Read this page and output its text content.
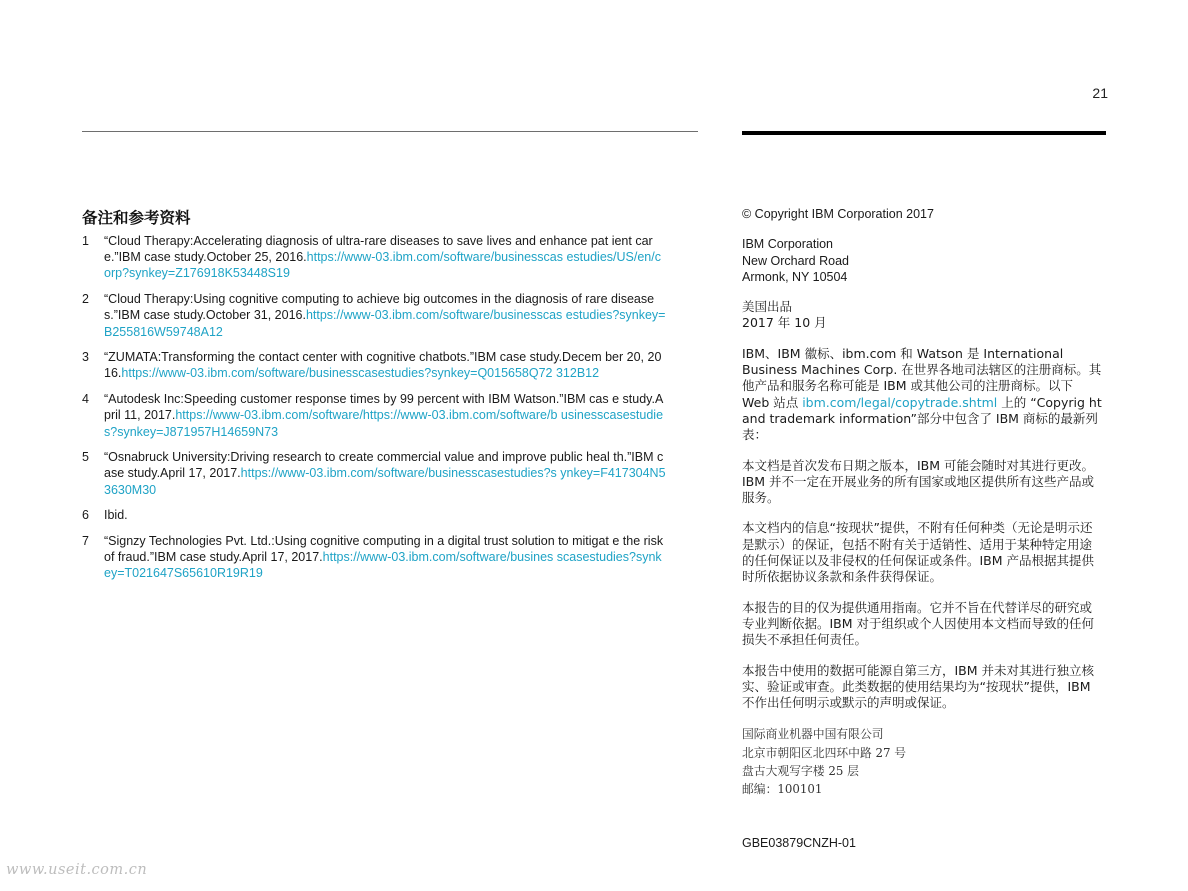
21
备注和参考资料
1	“Cloud Therapy:Accelerating diagnosis of ultra-rare diseases to save lives and enhance pat ient care.”IBM case study.October 25, 2016.https://www-03.ibm.com/software/businesscas estudies/US/en/corp?synkey=Z176918K53448S19
2	“Cloud Therapy:Using cognitive computing to achieve big outcomes in the diagnosis of rare diseases.”IBM case study.October 31, 2016.https://www-03.ibm.com/software/businesscas estudies?synkey=B255816W59748A12
3	“ZUMATA:Transforming the contact center with cognitive chatbots.”IBM case study.Decem ber 20, 2016.https://www-03.ibm.com/software/businesscasestudies?synkey=Q015658Q72 312B12
4	“Autodesk Inc:Speeding customer response times by 99 percent with IBM Watson.”IBM cas e study.April 11, 2017.https://www-03.ibm.com/software/https://www-03.ibm.com/software/b usinesscasestudies?synkey=J871957H14659N73
5	“Osnabruck University:Driving research to create commercial value and improve public heal th.”IBM case study.April 17, 2017.https://www-03.ibm.com/software/businesscasestudies?s ynkey=F417304N53630M30
6	Ibid.
7	“Signzy Technologies Pvt. Ltd.:Using cognitive computing in a digital trust solution to mitigat e the risk of fraud.”IBM case study.April 17, 2017.https://www-03.ibm.com/software/busines scasestudies?synkey=T021647S65610R19R19
© Copyright IBM Corporation 2017
IBM Corporation
New Orchard Road
Armonk, NY 10504
美国出品
2017 年 10 月
IBM、IBM 徽标、ibm.com 和 Watson 是 International Business Machines Corp. 在世界各地司法辖区的注册商标。其他产品和服务名称可能是 IBM 或其他公司的注册商标。以下 Web 站点 ibm.com/legal/copytrade.shtml 上的 “Copyrig ht and trademark information”部分中包含了 IBM 商标的最新列表：
本文档是首次发布日期之版本，IBM 可能会随时对其进行更改。IBM 并不一定在开展业务的所有国家或地区提供所有这些产品或服务。
本文档内的信息“按现状”提供，不附有任何种类（无论是明示还是默示）的保证，包括不附有关于适销性、适用于某种特定用途的任何保证以及非侵权的任何保证或条件。IBM 产品根据其提供时所依据协议条款和条件获得保证。
本报告的目的仅为提供通用指南。它并不旨在代替详尽的研究或专业判断依据。IBM 对于组织或个人因使用本文档而导致的任何损失不承担任何责任。
本报告中使用的数据可能源自第三方，IBM 并未对其进行独立核实、验证或审查。此类数据的使用结果均为“按现状”提供，IBM 不作出任何明示或默示的声明或保证。
国际商业机器中国有限公司
北京市朝阳区北四环中路 27 号
盘古大观写字楼 25 层
邮编：100101
GBE03879CNZH-01
www.useit.com.cn
